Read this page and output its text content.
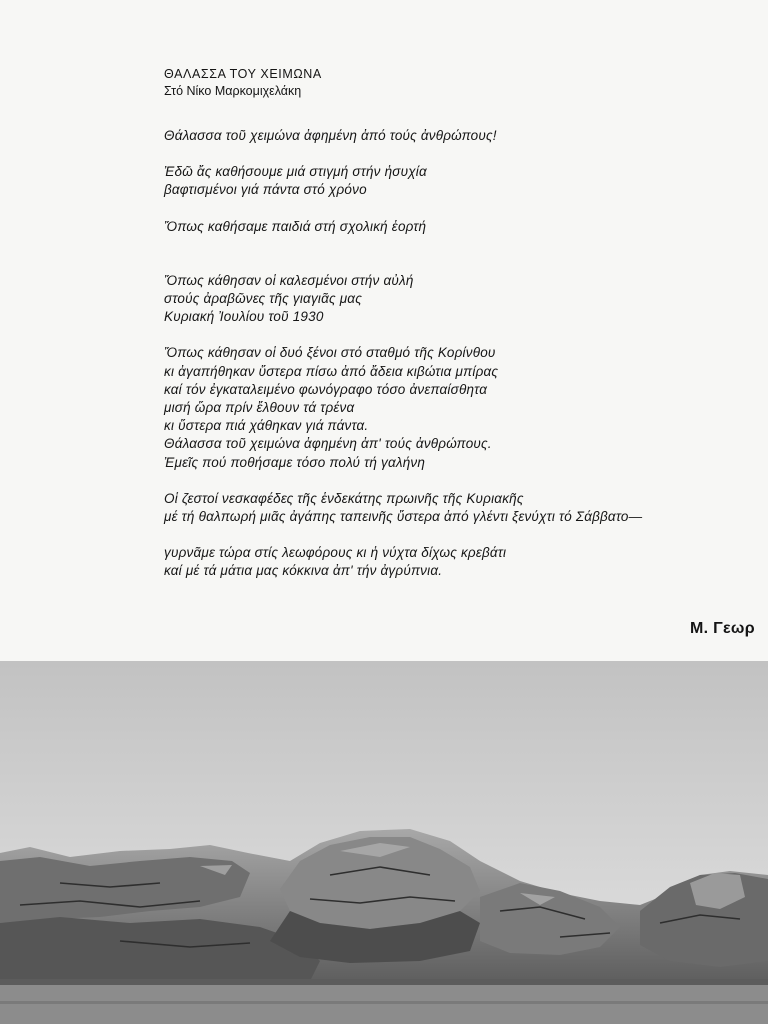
ΘΑΛΑΣΣΑ ΤΟΥ ΧΕΙΜΩΝΑ

Στό Νίκο Μαρκομιχελάκη

Θάλασσα τοῦ χειμώνα ἀφημένη ἀπό τούς ἀνθρώπους!

Ἐδῶ ἄς καθήσουμε μιά στιγμή στήν ἡσυχία
βαφτισμένοι γιά πάντα στό χρόνο

Ὅπως καθήσαμε παιδιά στή σχολική ἑορτή

Ὅπως κάθησαν οἱ καλεσμένοι στήν αὐλή
στούς ἀραβῶνες τῆς γιαγιᾶς μας
Κυριακή Ἰουλίου τοῦ 1930

Ὅπως κάθησαν οἱ δυό ξένοι στό σταθμό τῆς Κορίνθου
κι ἀγαπήθηκαν ὕστερα πίσω ἀπό ἄδεια κιβώτια μπίρας
καί τόν ἐγκαταλειμένο φωνόγραφο τόσο ἀνεπαίσθητα
μισή ὥρα πρίν ἔλθουν τά τρένα
κι ὕστερα πιά χάθηκαν γιά πάντα.
Θάλασσα τοῦ χειμώνα ἀφημένη ἀπ' τούς ἀνθρώπους.
Ἐμεῖς πού ποθήσαμε τόσο πολύ τή γαλήνη

Οἱ ζεστοί νεσκαφέδες τῆς ἑνδεκάτης πρωινῆς τῆς Κυριακῆς
μέ τή θαλπωρή μιᾶς ἀγάπης ταπεινῆς ὕστερα ἀπό γλέντι ξενύχτι τό Σάββατο—

γυρνᾶμε τώρα στίς λεωφόρους κι ἡ νύχτα δίχως κρεβάτι
καί μέ τά μάτια μας κόκκινα ἀπ' τήν ἀγρύπνια.

Μ. Γεωρ
